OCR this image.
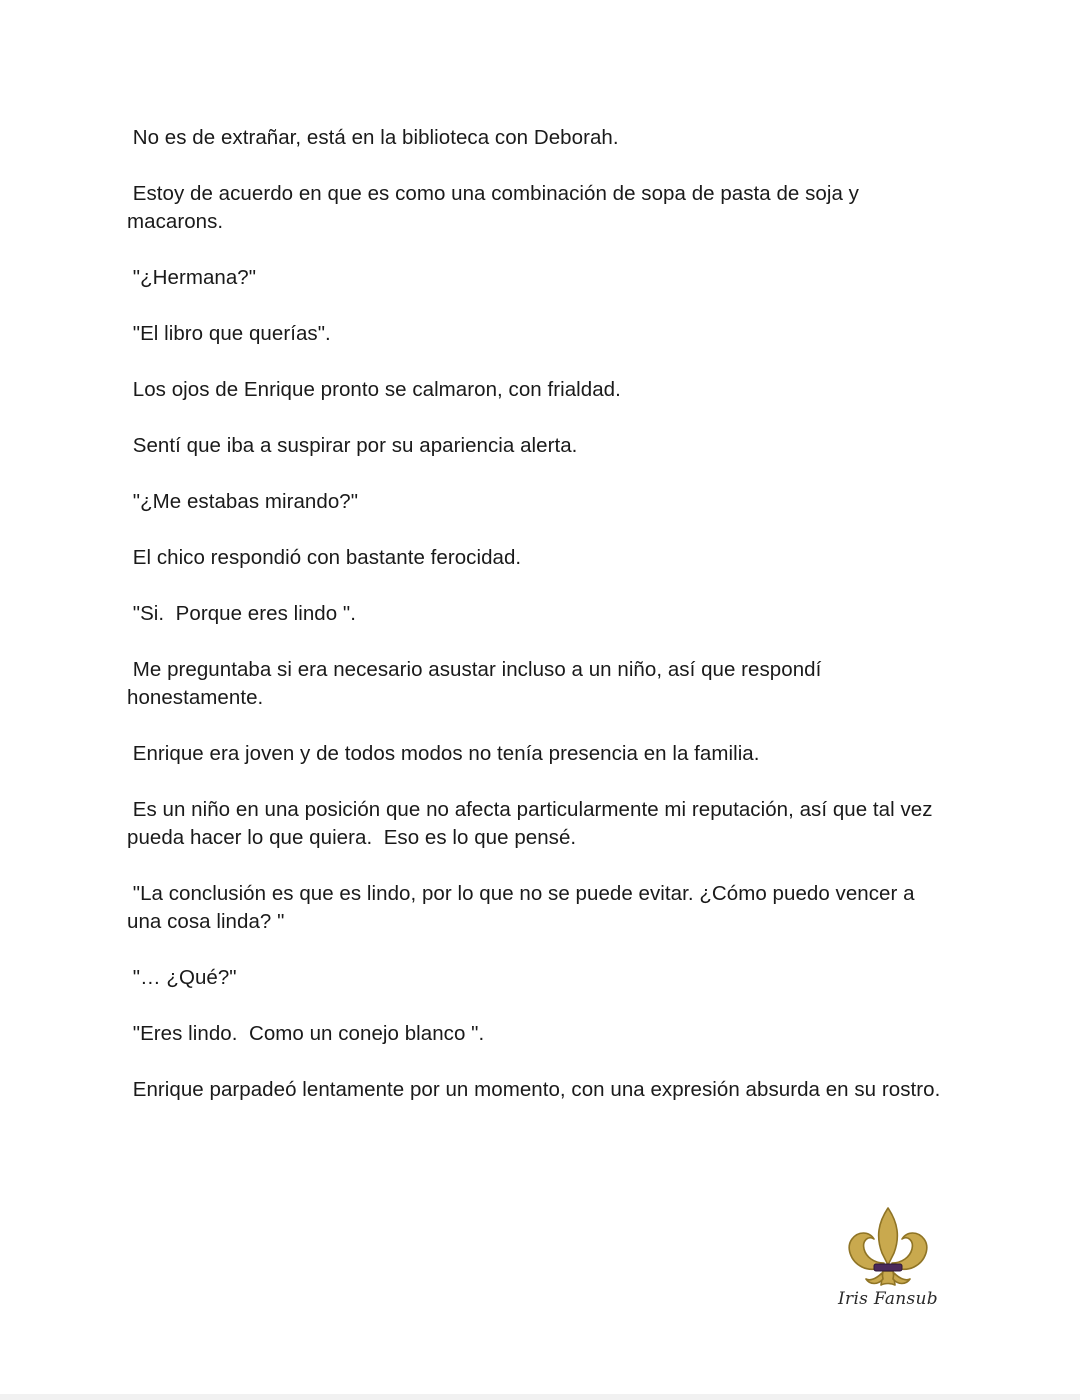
No es de extrañar, está en la biblioteca con Deborah.

Estoy de acuerdo en que es como una combinación de sopa de pasta de soja y macarons.

"¿Hermana?"

"El libro que querías".

Los ojos de Enrique pronto se calmaron, con frialdad.

Sentí que iba a suspirar por su apariencia alerta.

"¿Me estabas mirando?"

El chico respondió con bastante ferocidad.

"Si.  Porque eres lindo ".

Me preguntaba si era necesario asustar incluso a un niño, así que respondí honestamente.

Enrique era joven y de todos modos no tenía presencia en la familia.

Es un niño en una posición que no afecta particularmente mi reputación, así que tal vez pueda hacer lo que quiera.  Eso es lo que pensé.

"La conclusión es que es lindo, por lo que no se puede evitar. ¿Cómo puedo vencer a una cosa linda? "

"… ¿Qué?"

"Eres lindo.  Como un conejo blanco ".

Enrique parpadeó lentamente por un momento, con una expresión absurda en su rostro.

Iris Fansub
